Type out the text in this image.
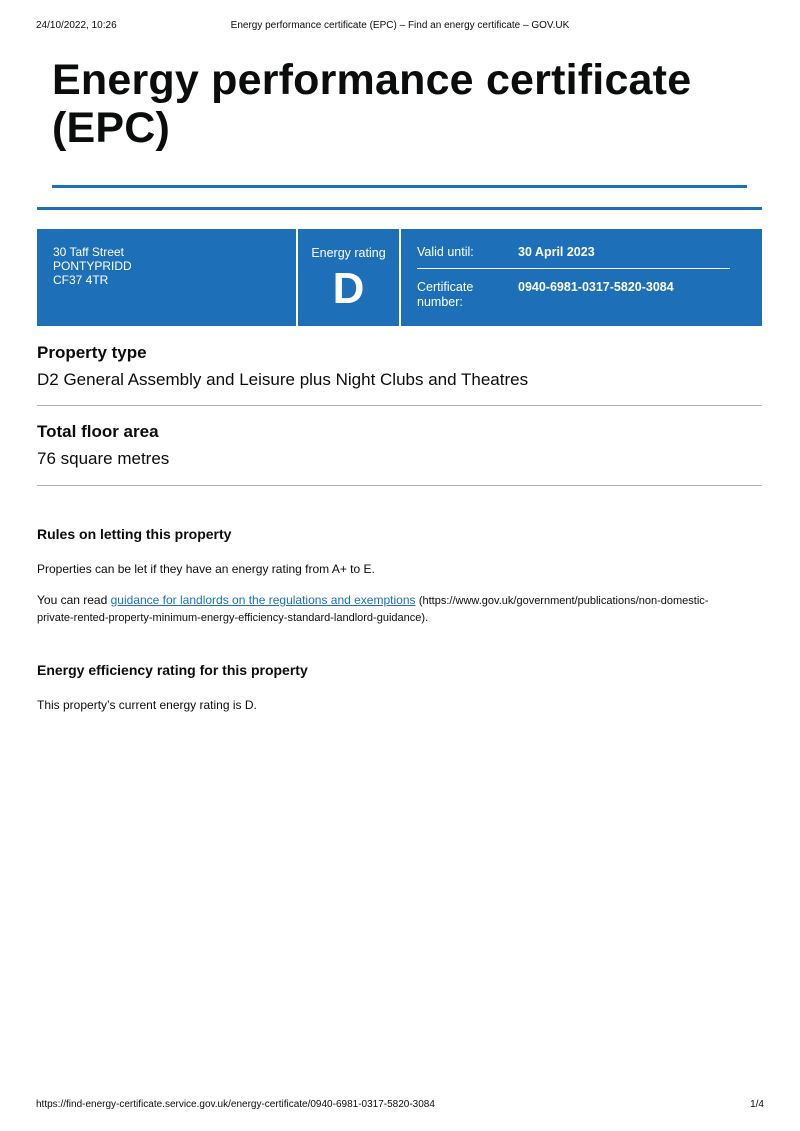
24/10/2022, 10:26	Energy performance certificate (EPC) – Find an energy certificate – GOV.UK
Energy performance certificate (EPC)
30 Taff Street
PONTYPRIDD
CF37 4TR
Energy rating
D
Valid until:	30 April 2023
Certificate number:
0940-6981-0317-5820-3084
Property type

D2 General Assembly and Leisure plus Night Clubs and Theatres

Total floor area

76 square metres

Rules on letting this property

Properties can be let if they have an energy rating from A+ to E.

You can read guidance for landlords on the regulations and exemptions (https://www.gov.uk/government/publications/non-domestic-private-rented-property-minimum-energy-efficiency-standard-landlord-guidance).

Energy efficiency rating for this property

This property’s current energy rating is D.

https://find-energy-certificate.service.gov.uk/energy-certificate/0940-6981-0317-5820-3084	1/4
